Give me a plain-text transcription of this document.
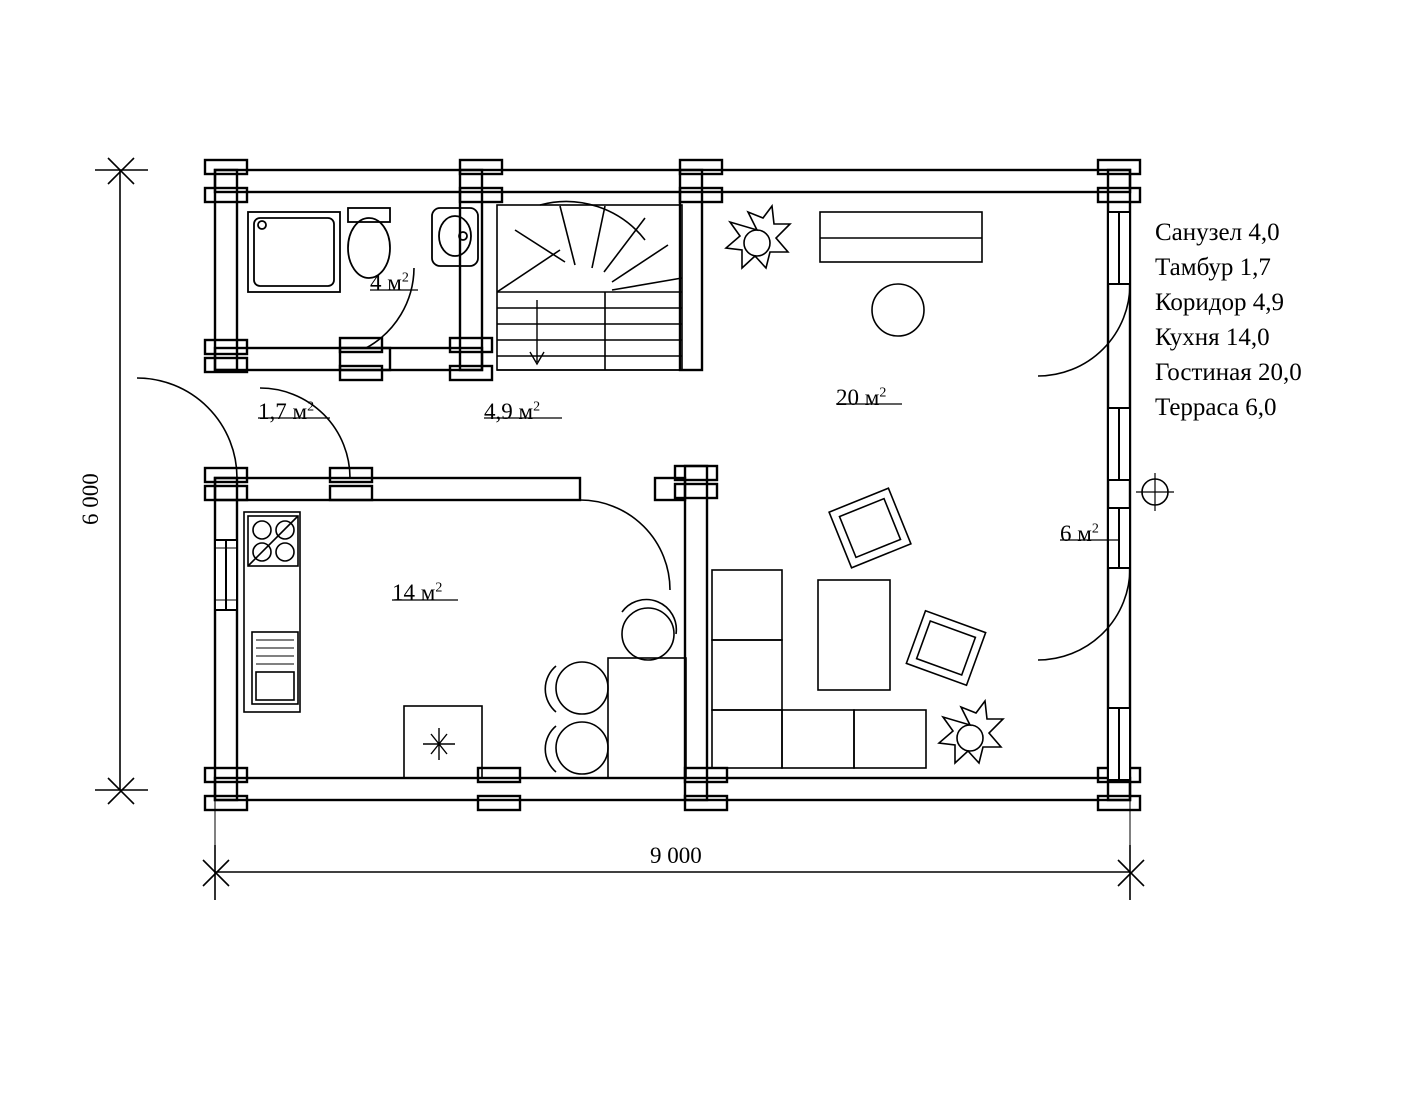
4 $м^2$
1,7 $м^2$	4,9 $м^2$	20 $м^2$
14 $м^2$
6 $м^2$
9 000
6 000
Санузел 4,0
Тамбур 1,7
Коридор 4,9
Кухня 14,0
Гостиная 20,0
Терраса 6,0
